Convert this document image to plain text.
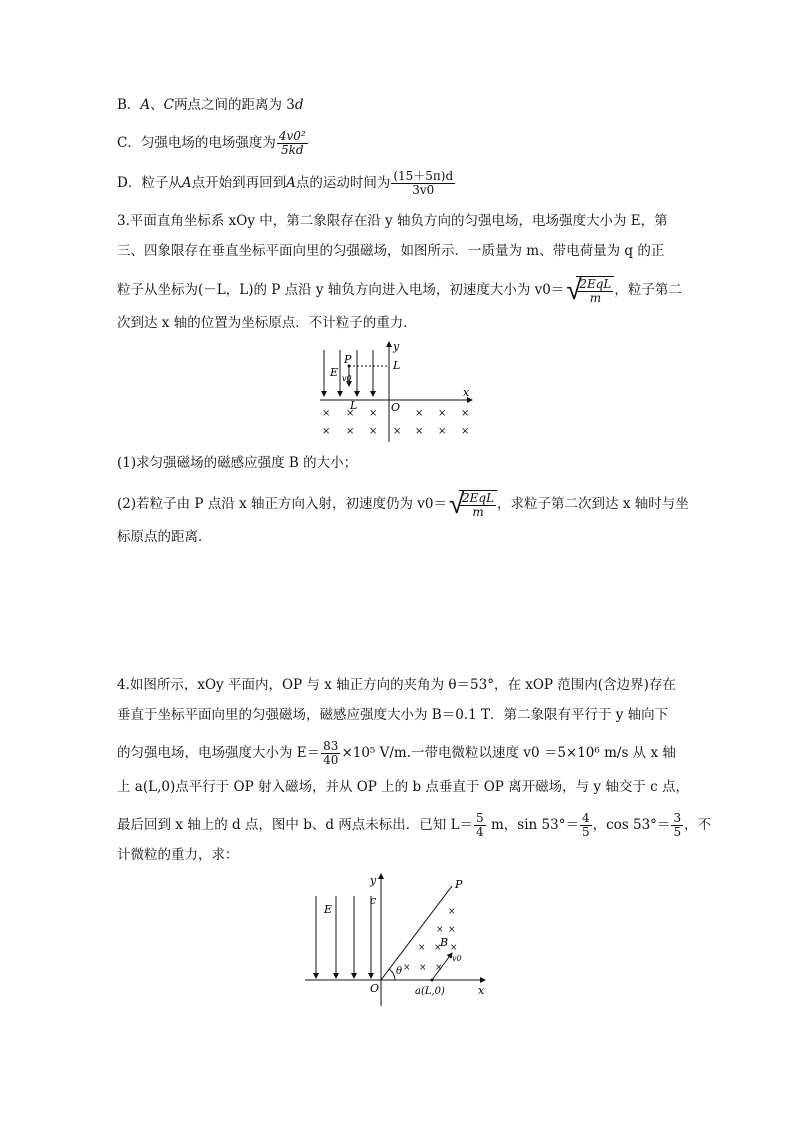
B．A、C两点之间的距离为 3d
C．匀强电场的电场强度为 $\frac{\text{4v0²}}{5kd}$
D．粒子从A点开始到再回到A点的运动时间为 $\frac{(15+5\pi)d}{3v0}$
3.平面直角坐标系 xOy 中，第二象限存在沿 y 轴负方向的匀强电场，电场强度大小为 E，第
三、四象限存在垂直坐标平面向里的匀强磁场，如图所示．一质量为 m、带电荷量为 q 的正
粒子从坐标为(－L，L)的 P 点沿 y 轴负方向进入电场，初速度大小为 v0＝ √
$\frac{\text{2EqL}}{m}$ ，粒子第二
次到达 x 轴的位置为坐标原点．不计粒子的重力．
E
P
v0
L
L	O
x
y
× × ×	× × ×
× × × × × × ×
(1)求匀强磁场的磁感应强度 B 的大小；
(2)若粒子由 P 点沿 x 轴正方向入射，初速度仍为 v0＝ √
$\frac{\text{2EqL}}{m}$ ，求粒子第二次到达 x 轴时与坐
标原点的距离．
4.如图所示，xOy 平面内，OP 与 x 轴正方向的夹角为 θ＝53°，在 xOP 范围内(含边界)存在
垂直于坐标平面向里的匀强磁场，磁感应强度大小为 B＝0.1 T．第二象限有平行于 y 轴向下
的匀强电场，电场强度大小为 $E= \frac{83}{40} \times 10^5$ V/m.一带电微粒以速度 v0 ＝5×10⁶ m/s 从 x 轴
上 a(L,0)点平行于 OP 射入磁场，并从 OP 上的 b 点垂直于 OP 离开磁场，与 y 轴交于 c 点，
最后回到 x 轴上的 d 点，图中 b、d 两点未标出．已知 $L= \frac{5}{4}$ m，$\sin 53^\circ= \frac{4}{5}$ ，$\cos 53^\circ= \frac{3}{5}$ ，不
计微粒的重力，求：
E
y
c
P
B
v0
θ
O	a(L,0)	x
×
× ×
× × ×
× × ×
